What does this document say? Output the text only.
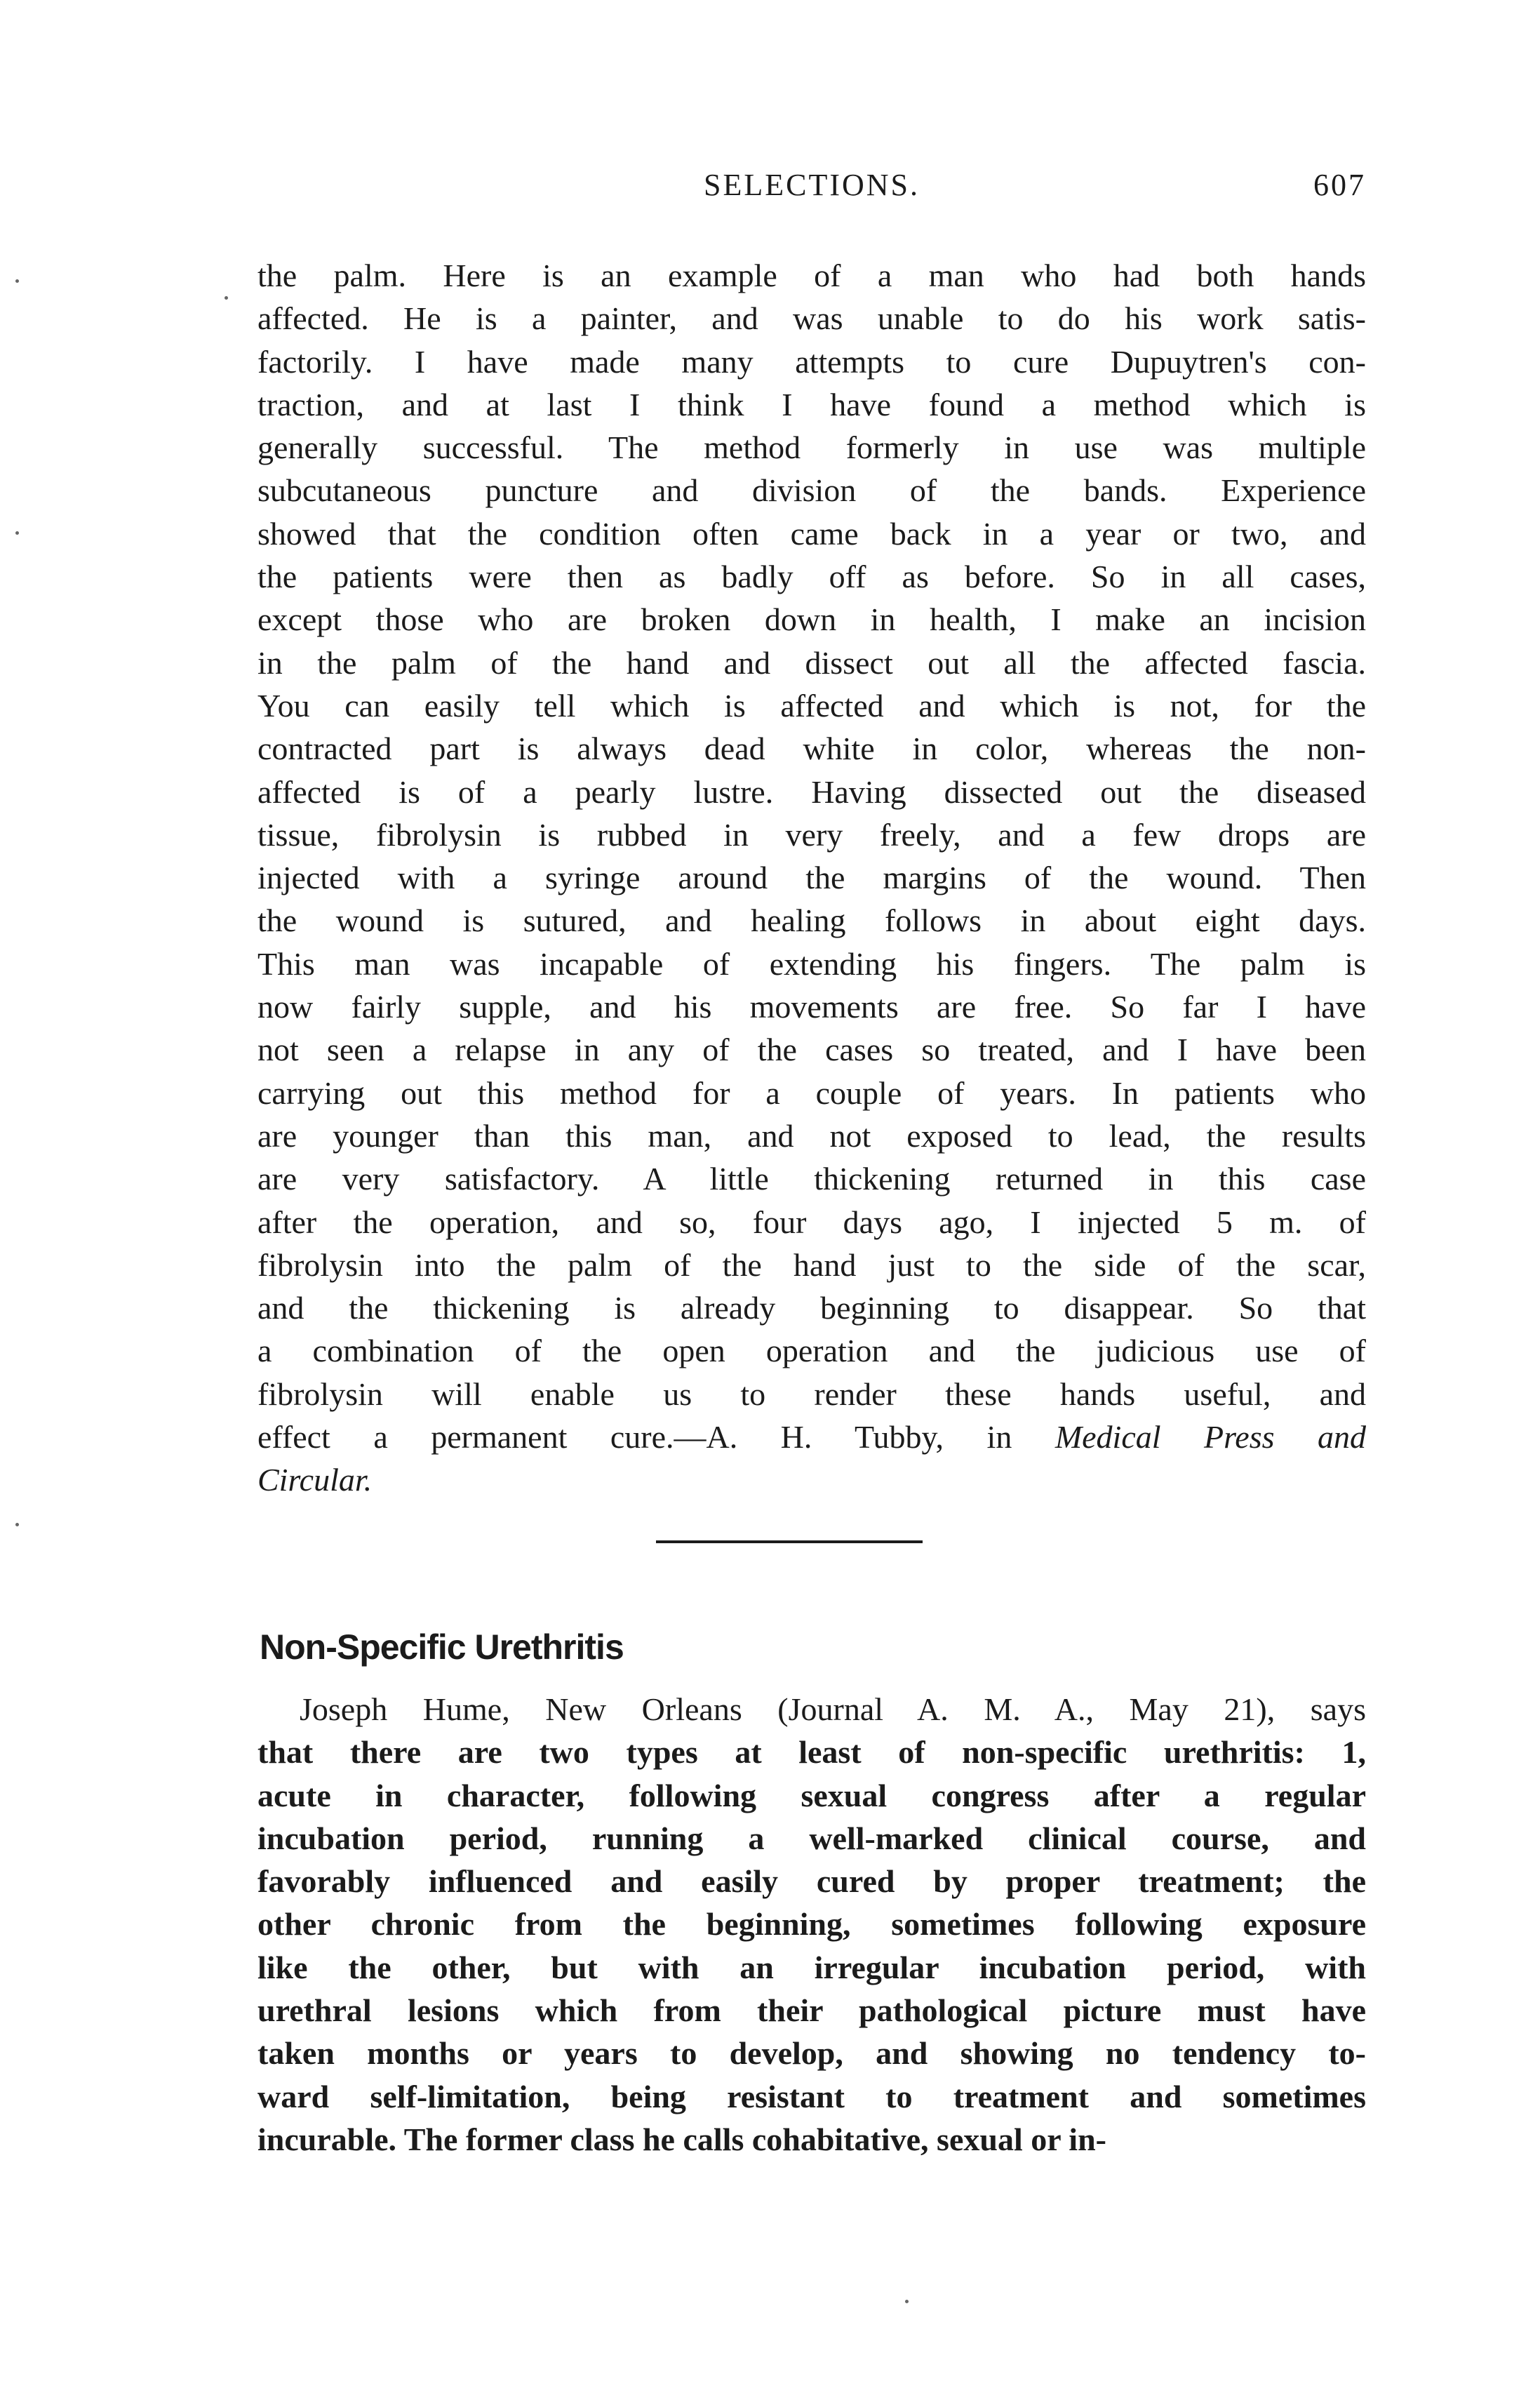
SELECTIONS.	607
the palm. Here is an example of a man who had both hands
affected. He is a painter, and was unable to do his work satis-
factorily. I have made many attempts to cure Dupuytren's con-
traction, and at last I think I have found a method which is
generally successful. The method formerly in use was multiple
subcutaneous puncture and division of the bands. Experience
showed that the condition often came back in a year or two, and
the patients were then as badly off as before. So in all cases,
except those who are broken down in health, I make an incision
in the palm of the hand and dissect out all the affected fascia.
You can easily tell which is affected and which is not, for the
contracted part is always dead white in color, whereas the non-
affected is of a pearly lustre. Having dissected out the diseased
tissue, fibrolysin is rubbed in very freely, and a few drops are
injected with a syringe around the margins of the wound. Then
the wound is sutured, and healing follows in about eight days.
This man was incapable of extending his fingers. The palm is
now fairly supple, and his movements are free. So far I have
not seen a relapse in any of the cases so treated, and I have been
carrying out this method for a couple of years. In patients who
are younger than this man, and not exposed to lead, the results
are very satisfactory. A little thickening returned in this case
after the operation, and so, four days ago, I injected 5 m. of
fibrolysin into the palm of the hand just to the side of the scar,
and the thickening is already beginning to disappear. So that
a combination of the open operation and the judicious use of
fibrolysin will enable us to render these hands useful, and
effect a permanent cure.—A. H. Tubby, in Medical Press and
Circular.
Non-Specific Urethritis
Joseph Hume, New Orleans (Journal A. M. A., May 21), says
that there are two types at least of non-specific urethritis: 1,
acute in character, following sexual congress after a regular
incubation period, running a well-marked clinical course, and
favorably influenced and easily cured by proper treatment; the
other chronic from the beginning, sometimes following exposure
like the other, but with an irregular incubation period, with
urethral lesions which from their pathological picture must have
taken months or years to develop, and showing no tendency to-
ward self-limitation, being resistant to treatment and sometimes
incurable. The former class he calls cohabitative, sexual or in-
